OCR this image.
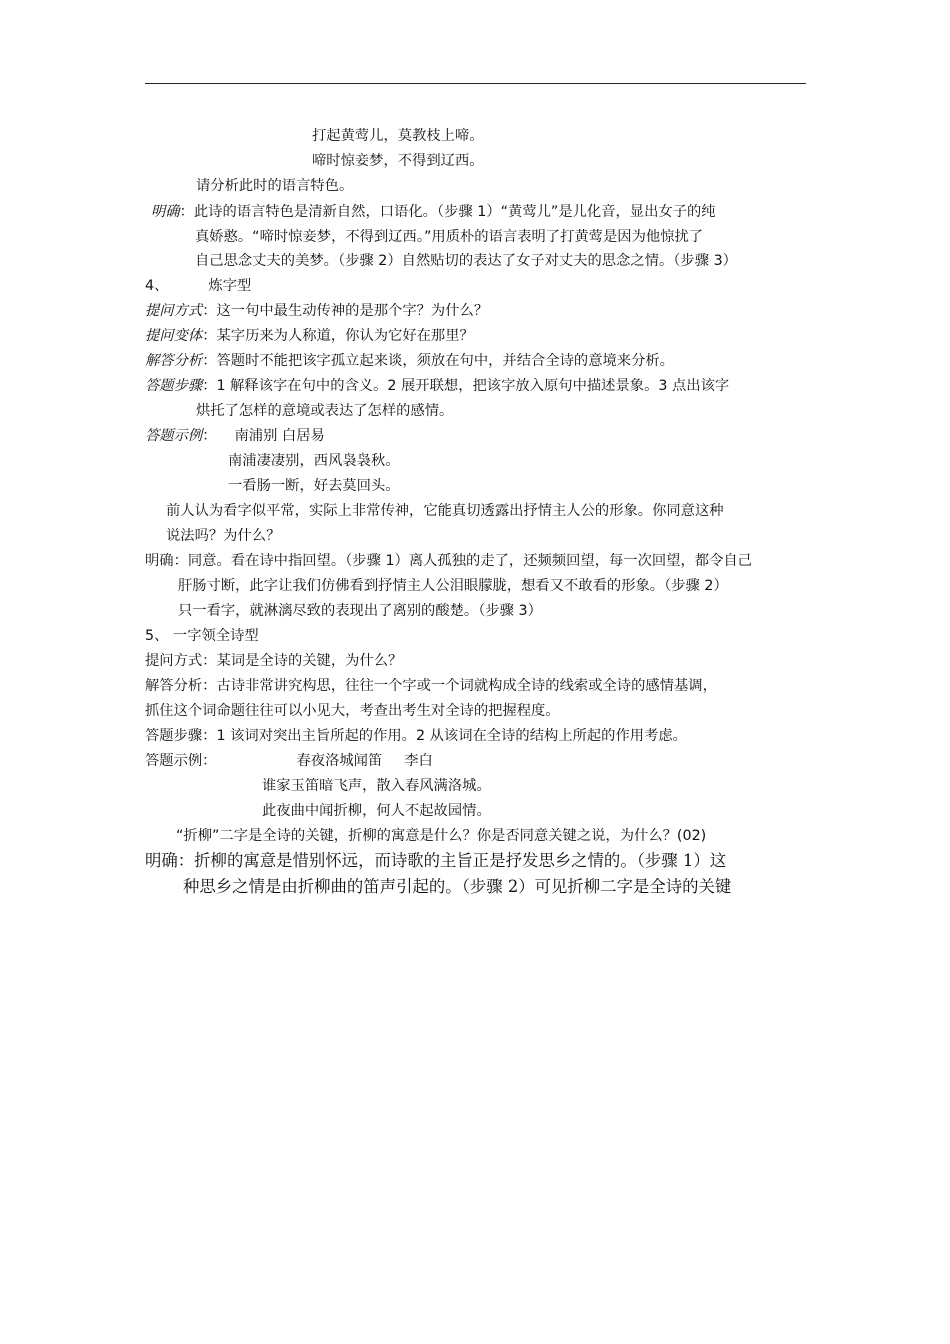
打起黄莺儿，莫教枝上啼。
啼时惊妾梦，不得到辽西。
请分析此时的语言特色。
明确：此诗的语言特色是清新自然，口语化。（步骤 1）“黄莺儿”是儿化音，显出女子的纯
真娇憨。“啼时惊妾梦，不得到辽西。”用质朴的语言表明了打黄莺是因为他惊扰了
自己思念丈夫的美梦。（步骤 2）自然贴切的表达了女子对丈夫的思念之情。（步骤 3）
4、	炼字型
提问方式：这一句中最生动传神的是那个字？为什么？
提问变体：某字历来为人称道，你认为它好在那里？
解答分析：答题时不能把该字孤立起来谈，须放在句中，并结合全诗的意境来分析。
答题步骤：1 解释该字在句中的含义。2 展开联想，把该字放入原句中描述景象。3 点出该字
烘托了怎样的意境或表达了怎样的感情。
答题示例： 南浦别 白居易
南浦凄凄别，西风袅袅秋。
一看肠一断，好去莫回头。
前人认为看字似平常，实际上非常传神，它能真切透露出抒情主人公的形象。你同意这种
说法吗？为什么？
明确：同意。看在诗中指回望。（步骤 1）离人孤独的走了，还频频回望，每一次回望，都令自己
肝肠寸断，此字让我们仿佛看到抒情主人公泪眼朦胧，想看又不敢看的形象。（步骤 2）
只一看字，就淋漓尽致的表现出了离别的酸楚。（步骤 3）
5、 一字领全诗型
提问方式：某词是全诗的关键，为什么？
解答分析：古诗非常讲究构思，往往一个字或一个词就构成全诗的线索或全诗的感情基调，
抓住这个词命题往往可以小见大，考查出考生对全诗的把握程度。
答题步骤：1 该词对突出主旨所起的作用。2 从该词在全诗的结构上所起的作用考虑。
答题示例：	春夜洛城闻笛 李白
谁家玉笛暗飞声，散入春风满洛城。
此夜曲中闻折柳，何人不起故园情。
“折柳”二字是全诗的关键，折柳的寓意是什么？你是否同意关键之说，为什么？(02)
明确：折柳的寓意是惜别怀远，而诗歌的主旨正是抒发思乡之情的。（步骤 1）这
种思乡之情是由折柳曲的笛声引起的。（步骤 2）可见折柳二字是全诗的关键
